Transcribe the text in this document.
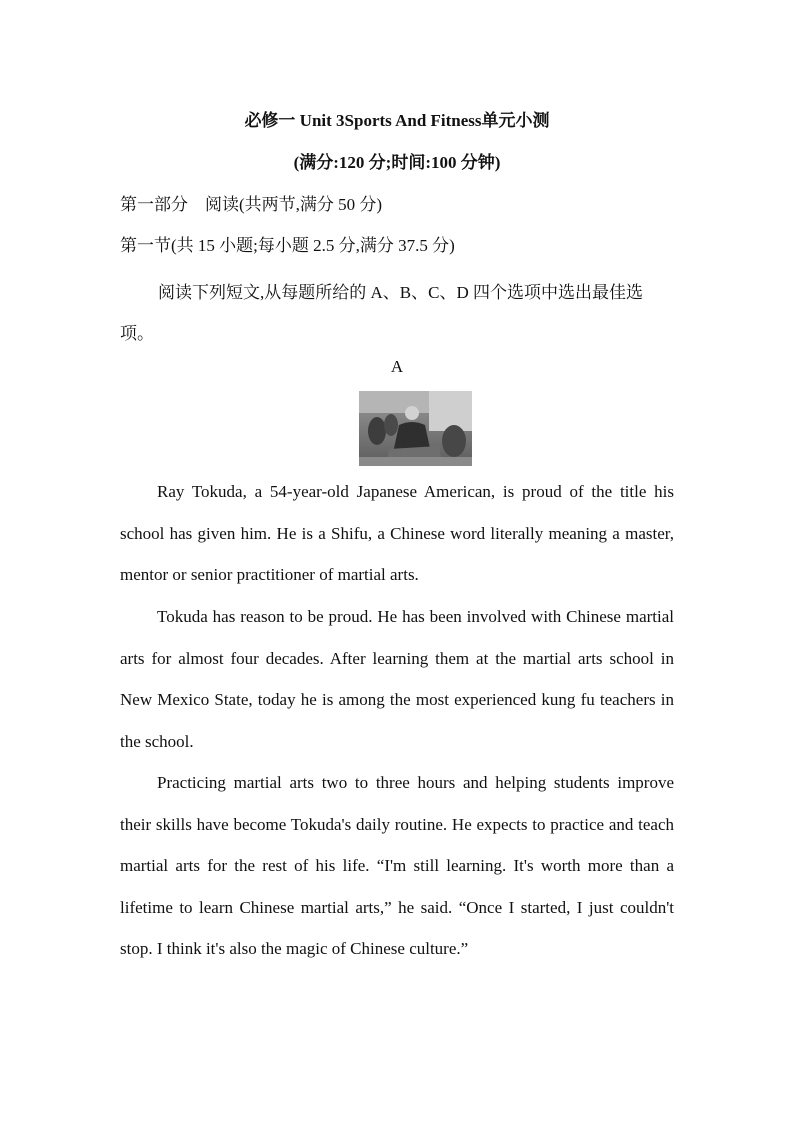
必修一 Unit 3Sports And Fitness单元小测
(满分:120 分;时间:100 分钟)
第一部分　阅读(共两节,满分 50 分)
第一节(共 15 小题;每小题 2.5 分,满分 37.5 分)
阅读下列短文,从每题所给的 A、B、C、D 四个选项中选出最佳选项。
A
Ray Tokuda, a 54-year-old Japanese American, is proud of the title his school has given him. He is a Shifu, a Chinese word literally meaning a master, mentor or senior practitioner of martial arts.
Tokuda has reason to be proud. He has been involved with Chinese martial arts for almost four decades. After learning them at the martial arts school in New Mexico State, today he is among the most experienced kung fu teachers in the school.
Practicing martial arts two to three hours and helping students improve their skills have become Tokuda's daily routine. He expects to practice and teach martial arts for the rest of his life. “I'm still learning. It's worth more than a lifetime to learn Chinese martial arts,” he said. “Once I started, I just couldn't stop. I think it's also the magic of Chinese culture.”
